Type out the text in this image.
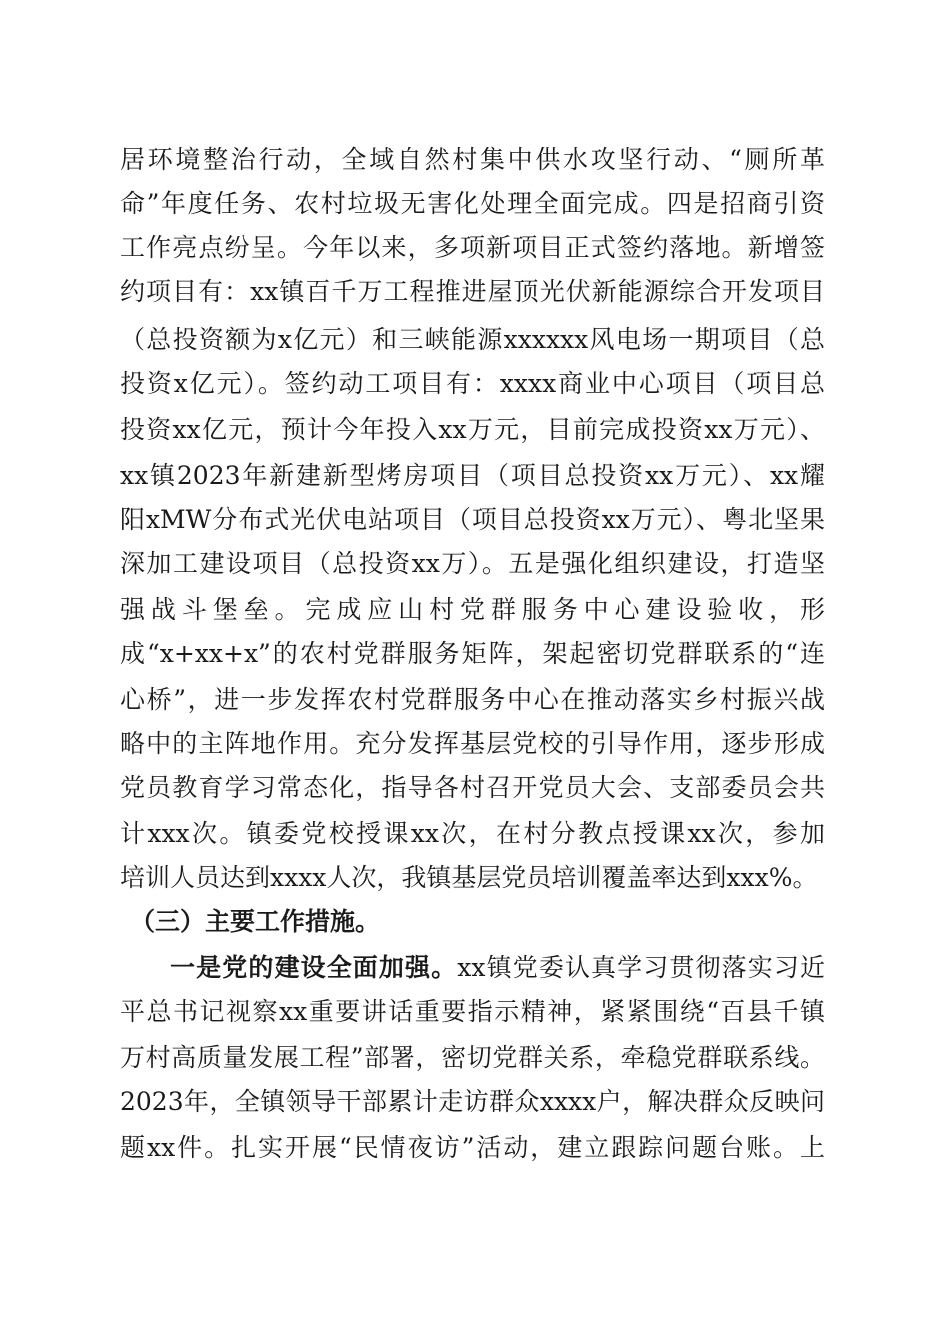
居环境整治行动，全域自然村集中供水攻坚行动、“厕所革
命”年度任务、农村垃圾无害化处理全面完成。四是招商引资
工作亮点纷呈。今年以来，多项新项目正式签约落地。新增签
约项目有：xx镇百千万工程推进屋顶光伏新能源综合开发项目
（总投资额为x亿元）和三峡能源xxxxxx风电场一期项目（总
投资x亿元）。签约动工项目有：xxxx商业中心项目（项目总
投资xx亿元，预计今年投入xx万元，目前完成投资xx万元）、
xx镇2023年新建新型烤房项目（项目总投资xx万元）、xx耀
阳xMW分布式光伏电站项目（项目总投资xx万元）、粤北坚果
深加工建设项目（总投资xx万）。五是强化组织建设，打造坚
强战斗堡垒。完成应山村党群服务中心建设验收，形
成“x+xx+x”的农村党群服务矩阵，架起密切党群联系的“连
心桥”，进一步发挥农村党群服务中心在推动落实乡村振兴战
略中的主阵地作用。充分发挥基层党校的引导作用，逐步形成
党员教育学习常态化，指导各村召开党员大会、支部委员会共
计xxx次。镇委党校授课xx次，在村分教点授课xx次，参加
培训人员达到xxxx人次，我镇基层党员培训覆盖率达到xxx%。
（三）主要工作措施。
一是党的建设全面加强。xx镇党委认真学习贯彻落实习近
平总书记视察xx重要讲话重要指示精神，紧紧围绕“百县千镇
万村高质量发展工程”部署，密切党群关系，牵稳党群联系线。
2023年，全镇领导干部累计走访群众xxxx户，解决群众反映问
题xx件。扎实开展“民情夜访”活动，建立跟踪问题台账。上
